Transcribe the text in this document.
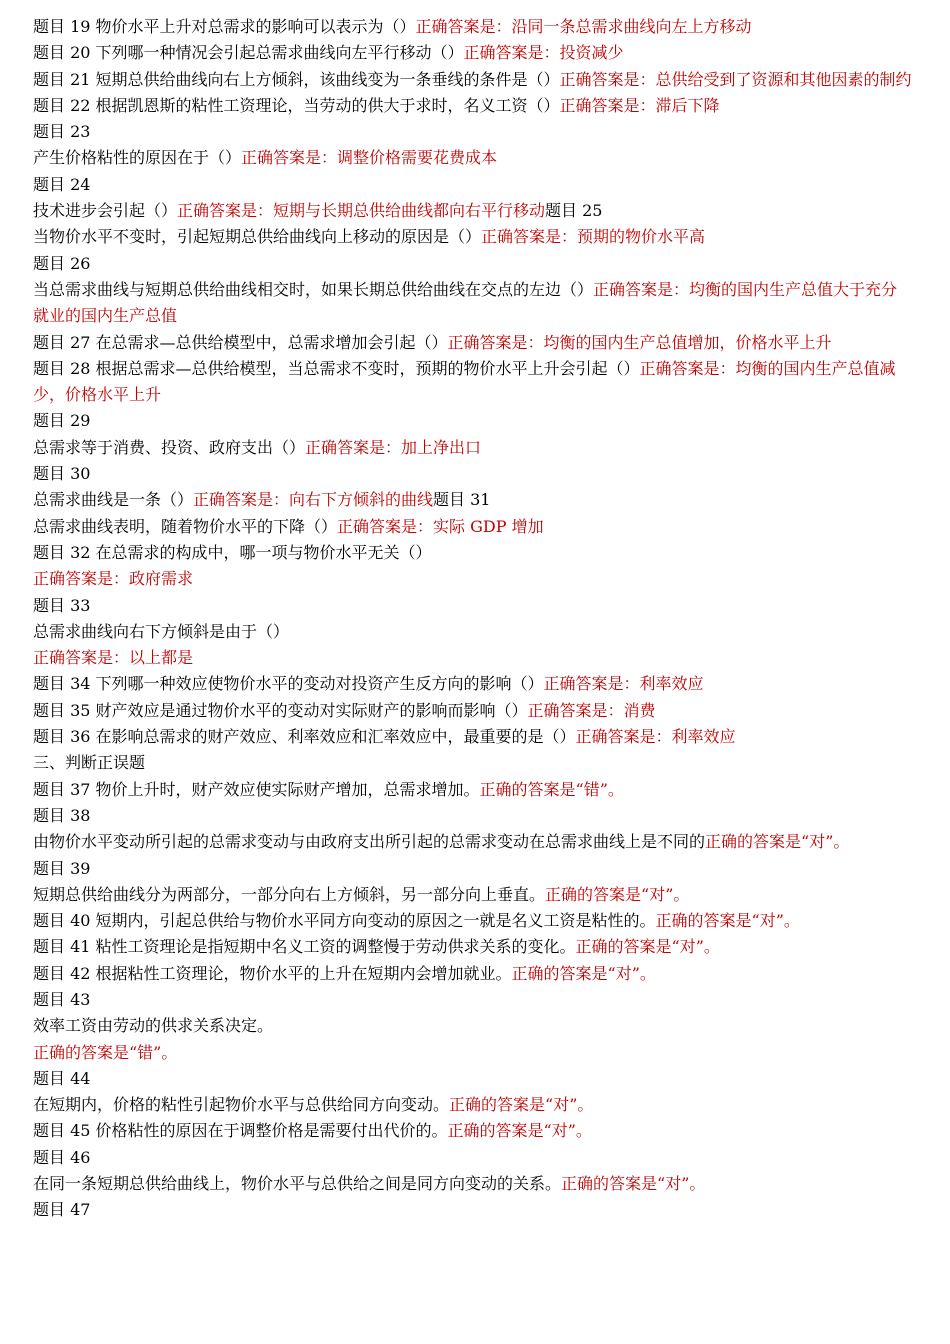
题目 19 物价水平上升对总需求的影响可以表示为（）正确答案是：沿同一条总需求曲线向左上方移动

题目 20 下列哪一种情况会引起总需求曲线向左平行移动（）正确答案是：投资减少

题目 21 短期总供给曲线向右上方倾斜，该曲线变为一条垂线的条件是（）正确答案是：总供给受到了资源和其他因素的制约

题目 22 根据凯恩斯的粘性工资理论，当劳动的供大于求时，名义工资（）正确答案是：滞后下降

题目 23

产生价格粘性的原因在于（）正确答案是：调整价格需要花费成本

题目 24

技术进步会引起（）正确答案是：短期与长期总供给曲线都向右平行移动题目 25

当物价水平不变时，引起短期总供给曲线向上移动的原因是（）正确答案是：预期的物价水平高

题目 26

当总需求曲线与短期总供给曲线相交时，如果长期总供给曲线在交点的左边（）正确答案是：均衡的国内生产总值大于充分就业的国内生产总值

题目 27 在总需求—总供给模型中，总需求增加会引起（）正确答案是：均衡的国内生产总值增加，价格水平上升

题目 28 根据总需求—总供给模型，当总需求不变时，预期的物价水平上升会引起（）正确答案是：均衡的国内生产总值减少，价格水平上升

题目 29

总需求等于消费、投资、政府支出（）正确答案是：加上净出口

题目 30

总需求曲线是一条（）正确答案是：向右下方倾斜的曲线题目 31

总需求曲线表明，随着物价水平的下降（）正确答案是：实际 GDP 增加

题目 32 在总需求的构成中，哪一项与物价水平无关（）

正确答案是：政府需求

题目 33

总需求曲线向右下方倾斜是由于（）

正确答案是：以上都是

题目 34 下列哪一种效应使物价水平的变动对投资产生反方向的影响（）正确答案是：利率效应

题目 35 财产效应是通过物价水平的变动对实际财产的影响而影响（）正确答案是：消费

题目 36 在影响总需求的财产效应、利率效应和汇率效应中，最重要的是（）正确答案是：利率效应

三、判断正误题

题目 37 物价上升时，财产效应使实际财产增加，总需求增加。正确的答案是“错”。

题目 38

由物价水平变动所引起的总需求变动与由政府支出所引起的总需求变动在总需求曲线上是不同的正确的答案是“对”。

题目 39

短期总供给曲线分为两部分，一部分向右上方倾斜，另一部分向上垂直。正确的答案是“对”。

题目 40 短期内，引起总供给与物价水平同方向变动的原因之一就是名义工资是粘性的。正确的答案是“对”。

题目 41 粘性工资理论是指短期中名义工资的调整慢于劳动供求关系的变化。正确的答案是“对”。

题目 42 根据粘性工资理论，物价水平的上升在短期内会增加就业。正确的答案是“对”。

题目 43

效率工资由劳动的供求关系决定。

正确的答案是“错”。

题目 44

在短期内，价格的粘性引起物价水平与总供给同方向变动。正确的答案是“对”。

题目 45 价格粘性的原因在于调整价格是需要付出代价的。正确的答案是“对”。

题目 46

在同一条短期总供给曲线上，物价水平与总供给之间是同方向变动的关系。正确的答案是“对”。

题目 47
